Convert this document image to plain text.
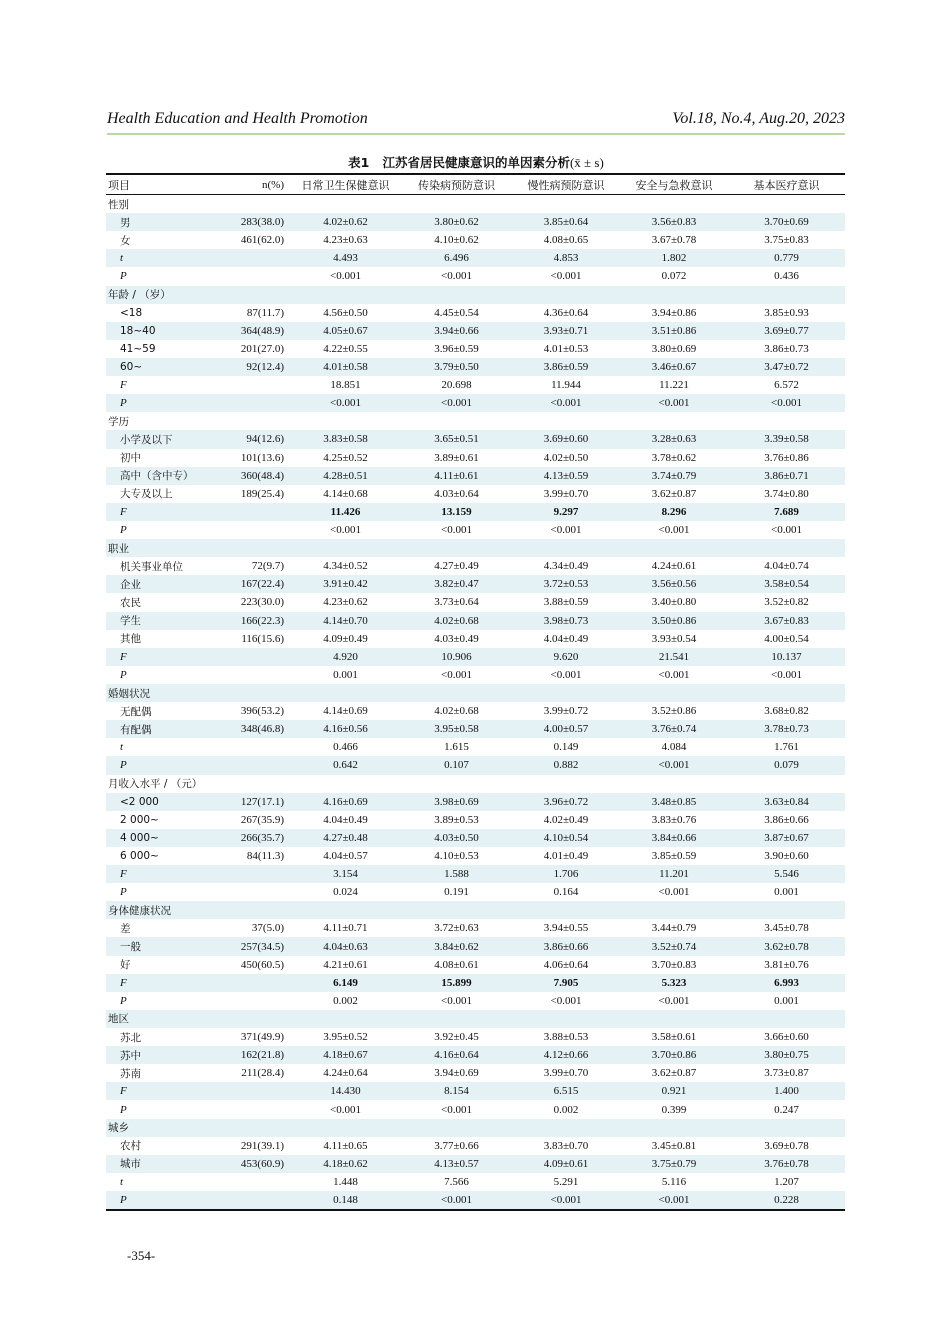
Health Education and Health Promotion	Vol.18, No.4, Aug.20, 2023
表1 江苏省居民健康意识的单因素分析(x̄ ± s)
项目	n(%)	日常卫生保健意识	传染病预防意识	慢性病预防意识	安全与急救意识	基本医疗意识
性别						
男	283(38.0)	4.02±0.62	3.80±0.62	3.85±0.64	3.56±0.83	3.70±0.69
女	461(62.0)	4.23±0.63	4.10±0.62	4.08±0.65	3.67±0.78	3.75±0.83
t		4.493	6.496	4.853	1.802	0.779
P		<0.001	<0.001	<0.001	0.072	0.436
年龄 / （岁）						
<18	87(11.7)	4.56±0.50	4.45±0.54	4.36±0.64	3.94±0.86	3.85±0.93
18~40	364(48.9)	4.05±0.67	3.94±0.66	3.93±0.71	3.51±0.86	3.69±0.77
41~59	201(27.0)	4.22±0.55	3.96±0.59	4.01±0.53	3.80±0.69	3.86±0.73
60~	92(12.4)	4.01±0.58	3.79±0.50	3.86±0.59	3.46±0.67	3.47±0.72
F		18.851	20.698	11.944	11.221	6.572
P		<0.001	<0.001	<0.001	<0.001	<0.001
学历						
小学及以下	94(12.6)	3.83±0.58	3.65±0.51	3.69±0.60	3.28±0.63	3.39±0.58
初中	101(13.6)	4.25±0.52	3.89±0.61	4.02±0.50	3.78±0.62	3.76±0.86
高中（含中专）	360(48.4)	4.28±0.51	4.11±0.61	4.13±0.59	3.74±0.79	3.86±0.71
大专及以上	189(25.4)	4.14±0.68	4.03±0.64	3.99±0.70	3.62±0.87	3.74±0.80
F		11.426	13.159	9.297	8.296	7.689
P		<0.001	<0.001	<0.001	<0.001	<0.001
职业						
机关事业单位	72(9.7)	4.34±0.52	4.27±0.49	4.34±0.49	4.24±0.61	4.04±0.74
企业	167(22.4)	3.91±0.42	3.82±0.47	3.72±0.53	3.56±0.56	3.58±0.54
农民	223(30.0)	4.23±0.62	3.73±0.64	3.88±0.59	3.40±0.80	3.52±0.82
学生	166(22.3)	4.14±0.70	4.02±0.68	3.98±0.73	3.50±0.86	3.67±0.83
其他	116(15.6)	4.09±0.49	4.03±0.49	4.04±0.49	3.93±0.54	4.00±0.54
F		4.920	10.906	9.620	21.541	10.137
P		0.001	<0.001	<0.001	<0.001	<0.001
婚姻状况						
无配偶	396(53.2)	4.14±0.69	4.02±0.68	3.99±0.72	3.52±0.86	3.68±0.82
有配偶	348(46.8)	4.16±0.56	3.95±0.58	4.00±0.57	3.76±0.74	3.78±0.73
t		0.466	1.615	0.149	4.084	1.761
P		0.642	0.107	0.882	<0.001	0.079
月收入水平 / （元）						
<2 000	127(17.1)	4.16±0.69	3.98±0.69	3.96±0.72	3.48±0.85	3.63±0.84
2 000~	267(35.9)	4.04±0.49	3.89±0.53	4.02±0.49	3.83±0.76	3.86±0.66
4 000~	266(35.7)	4.27±0.48	4.03±0.50	4.10±0.54	3.84±0.66	3.87±0.67
6 000~	84(11.3)	4.04±0.57	4.10±0.53	4.01±0.49	3.85±0.59	3.90±0.60
F		3.154	1.588	1.706	11.201	5.546
P		0.024	0.191	0.164	<0.001	0.001
身体健康状况						
差	37(5.0)	4.11±0.71	3.72±0.63	3.94±0.55	3.44±0.79	3.45±0.78
一般	257(34.5)	4.04±0.63	3.84±0.62	3.86±0.66	3.52±0.74	3.62±0.78
好	450(60.5)	4.21±0.61	4.08±0.61	4.06±0.64	3.70±0.83	3.81±0.76
F		6.149	15.899	7.905	5.323	6.993
P		0.002	<0.001	<0.001	<0.001	0.001
地区						
苏北	371(49.9)	3.95±0.52	3.92±0.45	3.88±0.53	3.58±0.61	3.66±0.60
苏中	162(21.8)	4.18±0.67	4.16±0.64	4.12±0.66	3.70±0.86	3.80±0.75
苏南	211(28.4)	4.24±0.64	3.94±0.69	3.99±0.70	3.62±0.87	3.73±0.87
F		14.430	8.154	6.515	0.921	1.400
P		<0.001	<0.001	0.002	0.399	0.247
城乡						
农村	291(39.1)	4.11±0.65	3.77±0.66	3.83±0.70	3.45±0.81	3.69±0.78
城市	453(60.9)	4.18±0.62	4.13±0.57	4.09±0.61	3.75±0.79	3.76±0.78
t		1.448	7.566	5.291	5.116	1.207
P		0.148	<0.001	<0.001	<0.001	0.228
-354-
